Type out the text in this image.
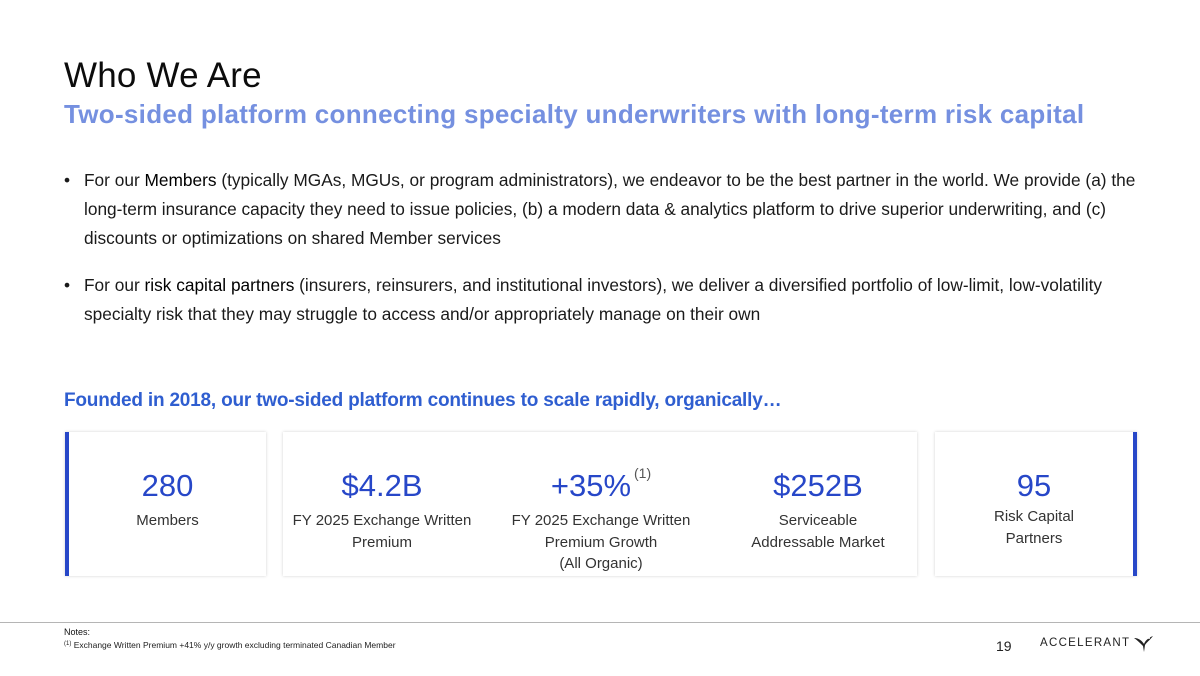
Who We Are
Two-sided platform connecting specialty underwriters with long-term risk capital
• For our Members (typically MGAs, MGUs, or program administrators), we endeavor to be the best partner in the world. We provide (a) the long-term insurance capacity they need to issue policies, (b) a modern data & analytics platform to drive superior underwriting, and (c) discounts or optimizations on shared Member services
• For our risk capital partners (insurers, reinsurers, and institutional investors), we deliver a diversified portfolio of low-limit, low-volatility specialty risk that they may struggle to access and/or appropriately manage on their own
Founded in 2018, our two-sided platform continues to scale rapidly, organically…
280
Members
$4.2B
FY 2025 Exchange Written Premium
+35% $^{(1)}$
FY 2025 Exchange Written
Premium Growth
(All Organic)
$252B
Serviceable
Addressable Market
95
Risk Capital
Partners
Notes:
$^{(1)}$ Exchange Written Premium +41% y/y growth excluding terminated Canadian Member	19 ACCELERANT
